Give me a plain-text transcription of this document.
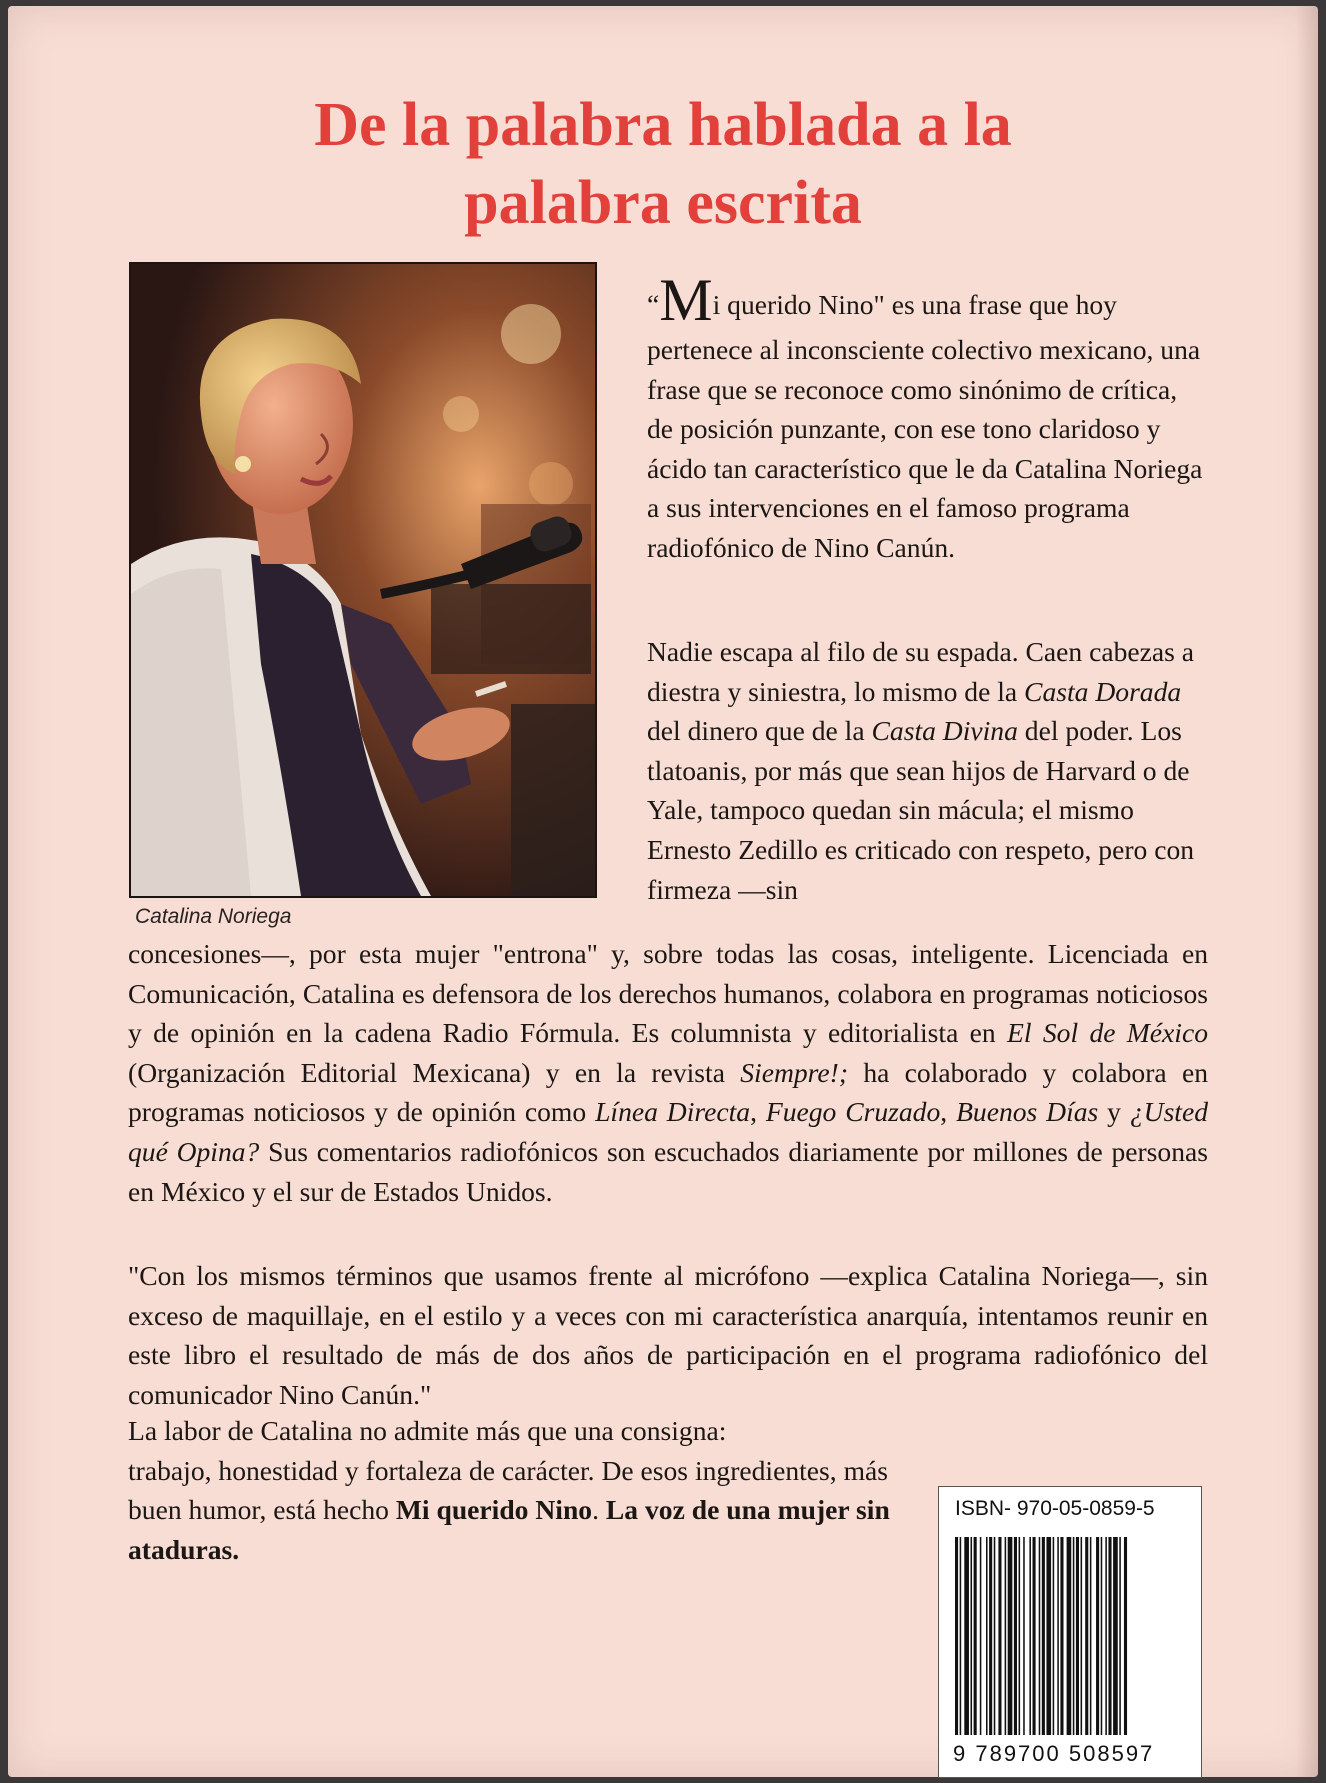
De la palabra hablada a la
palabra escrita

Catalina Noriega

“Mi querido Nino" es una frase que hoy pertenece al inconsciente colectivo mexicano, una frase que se reconoce como sinónimo de crítica, de posición punzante, con ese tono claridoso y ácido tan característico que le da Catalina Noriega a sus intervenciones en el famoso programa radiofónico de Nino Canún.

Nadie escapa al filo de su espada. Caen cabezas a diestra y siniestra, lo mismo de la Casta Dorada del dinero que de la Casta Divina del poder. Los tlatoanis, por más que sean hijos de Harvard o de Yale, tampoco quedan sin mácula; el mismo Ernesto Zedillo es criticado con respeto, pero con firmeza —sin

concesiones—, por esta mujer "entrona" y, sobre todas las cosas, inteligente. Licenciada en Comunicación, Catalina es defensora de los derechos humanos, colabora en programas noticiosos y de opinión en la cadena Radio Fórmula. Es columnista y editorialista en El Sol de México (Organización Editorial Mexicana) y en la revista Siempre!; ha colaborado y colabora en programas noticiosos y de opinión como Línea Directa, Fuego Cruzado, Buenos Días y ¿Usted qué Opina? Sus comentarios radiofónicos son escuchados diariamente por millones de personas en México y el sur de Estados Unidos.

"Con los mismos términos que usamos frente al micrófono —explica Catalina Noriega—, sin exceso de maquillaje, en el estilo y a veces con mi característica anarquía, intentamos reunir en este libro el resultado de más de dos años de participación en el programa radiofónico del comunicador Nino Canún."

La labor de Catalina no admite más que una consigna:
trabajo, honestidad y fortaleza de carácter. De esos ingredientes, más buen humor, está hecho Mi querido Nino. La voz de una mujer sin ataduras.

ISBN- 970-05-0859-5

9 789700 508597
